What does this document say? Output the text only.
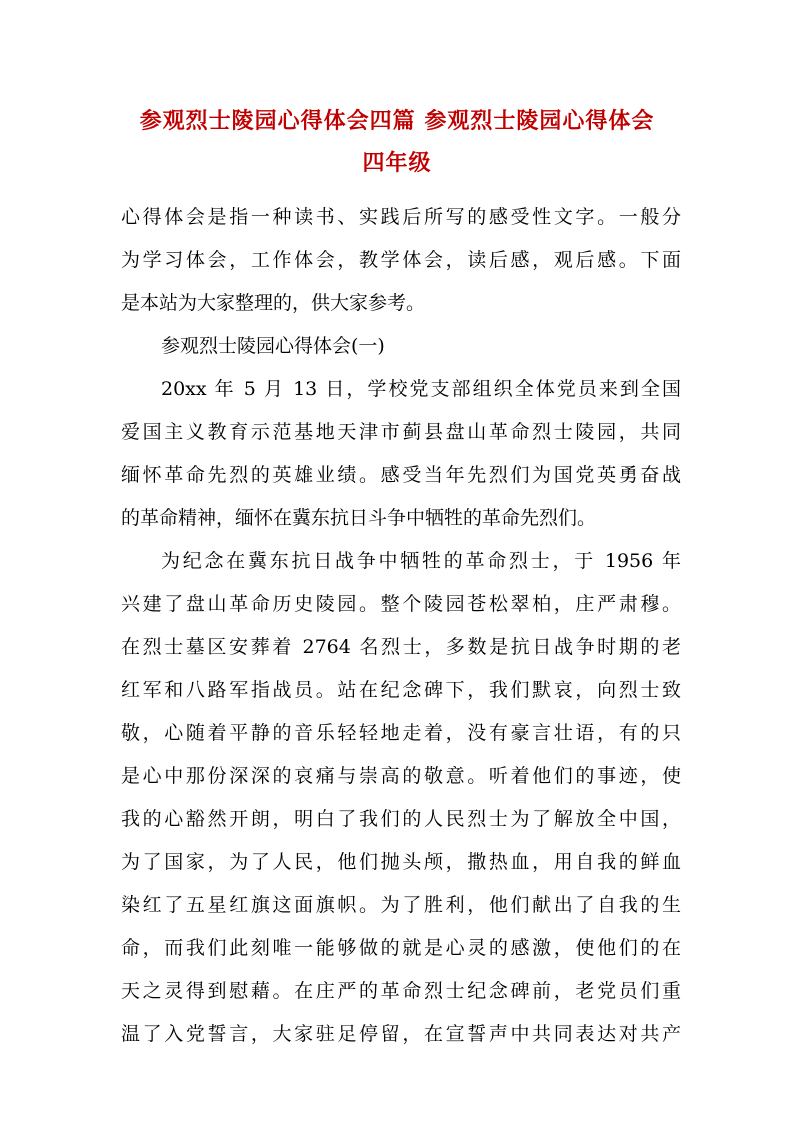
参观烈士陵园心得体会四篇 参观烈士陵园心得体会
四年级
心得体会是指一种读书、实践后所写的感受性文字。一般分
为学习体会，工作体会，教学体会，读后感，观后感。下面
是本站为大家整理的，供大家参考。
参观烈士陵园心得体会(一)
20xx 年 5 月 13 日，学校党支部组织全体党员来到全国
爱国主义教育示范基地天津市蓟县盘山革命烈士陵园，共同
缅怀革命先烈的英雄业绩。感受当年先烈们为国党英勇奋战
的革命精神，缅怀在冀东抗日斗争中牺牲的革命先烈们。
为纪念在冀东抗日战争中牺牲的革命烈士，于 1956 年
兴建了盘山革命历史陵园。整个陵园苍松翠柏，庄严肃穆。
在烈士墓区安葬着 2764 名烈士，多数是抗日战争时期的老
红军和八路军指战员。站在纪念碑下，我们默哀，向烈士致
敬，心随着平静的音乐轻轻地走着，没有豪言壮语，有的只
是心中那份深深的哀痛与崇高的敬意。听着他们的事迹，使
我的心豁然开朗，明白了我们的人民烈士为了解放全中国，
为了国家，为了人民，他们抛头颅，撒热血，用自我的鲜血
染红了五星红旗这面旗帜。为了胜利，他们献出了自我的生
命，而我们此刻唯一能够做的就是心灵的感激，使他们的在
天之灵得到慰藉。在庄严的革命烈士纪念碑前，老党员们重
温了入党誓言，大家驻足停留，在宣誓声中共同表达对共产
